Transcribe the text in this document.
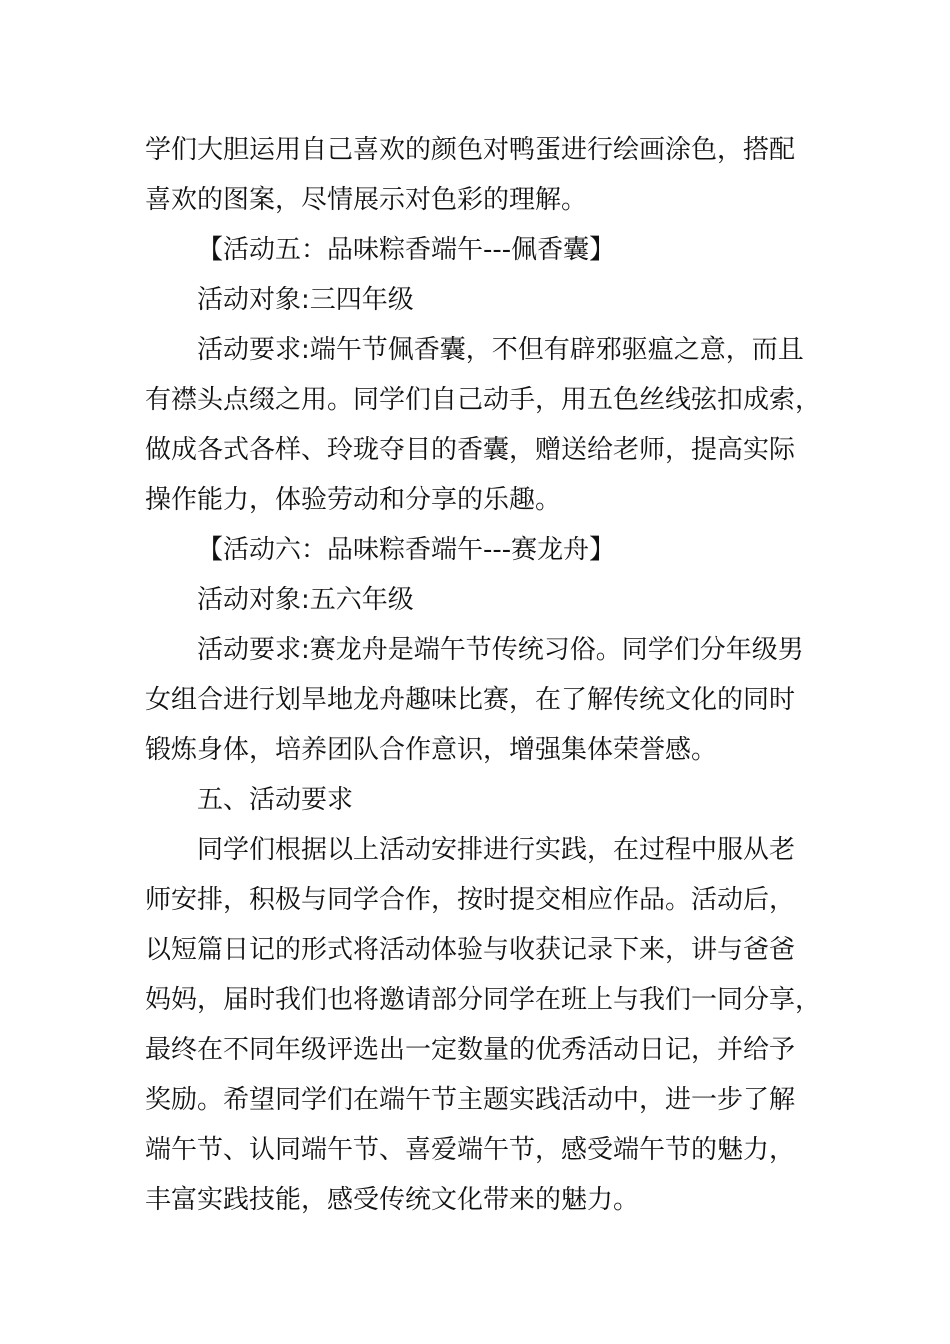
学们大胆运用自己喜欢的颜色对鸭蛋进行绘画涂色，搭配
喜欢的图案，尽情展示对色彩的理解。
【活动五：品味粽香端午---佩香囊】
活动对象:三四年级
活动要求:端午节佩香囊，不但有辟邪驱瘟之意，而且
有襟头点缀之用。同学们自己动手，用五色丝线弦扣成索，
做成各式各样、玲珑夺目的香囊，赠送给老师，提高实际
操作能力，体验劳动和分享的乐趣。
【活动六：品味粽香端午---赛龙舟】
活动对象:五六年级
活动要求:赛龙舟是端午节传统习俗。同学们分年级男
女组合进行划旱地龙舟趣味比赛，在了解传统文化的同时
锻炼身体，培养团队合作意识，增强集体荣誉感。
五、活动要求
同学们根据以上活动安排进行实践，在过程中服从老
师安排，积极与同学合作，按时提交相应作品。活动后，
以短篇日记的形式将活动体验与收获记录下来，讲与爸爸
妈妈，届时我们也将邀请部分同学在班上与我们一同分享，
最终在不同年级评选出一定数量的优秀活动日记，并给予
奖励。希望同学们在端午节主题实践活动中，进一步了解
端午节、认同端午节、喜爱端午节，感受端午节的魅力，
丰富实践技能，感受传统文化带来的魅力。
